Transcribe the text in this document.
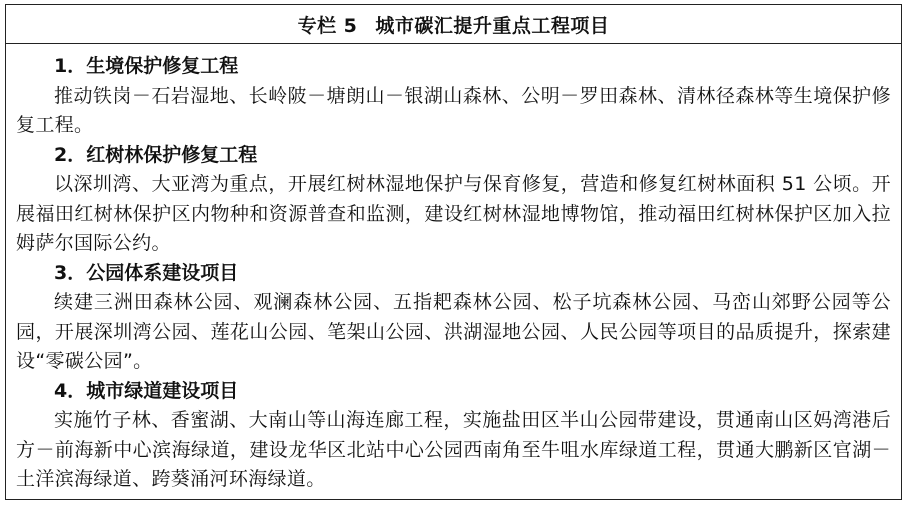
专栏 5 城市碳汇提升重点工程项目
1．生境保护修复工程
推动铁岗－石岩湿地、长岭陂－塘朗山－银湖山森林、公明－罗田森林、清林径森林等生境保护修复工程。
2．红树林保护修复工程
以深圳湾、大亚湾为重点，开展红树林湿地保护与保育修复，营造和修复红树林面积 51 公顷。开展福田红树林保护区内物种和资源普查和监测，建设红树林湿地博物馆，推动福田红树林保护区加入拉姆萨尔国际公约。
3．公园体系建设项目
续建三洲田森林公园、观澜森林公园、五指耙森林公园、松子坑森林公园、马峦山郊野公园等公园，开展深圳湾公园、莲花山公园、笔架山公园、洪湖湿地公园、人民公园等项目的品质提升，探索建设“零碳公园”。
4．城市绿道建设项目
实施竹子林、香蜜湖、大南山等山海连廊工程，实施盐田区半山公园带建设，贯通南山区妈湾港后方－前海新中心滨海绿道，建设龙华区北站中心公园西南角至牛咀水库绿道工程，贯通大鹏新区官湖－土洋滨海绿道、跨葵涌河环海绿道。
